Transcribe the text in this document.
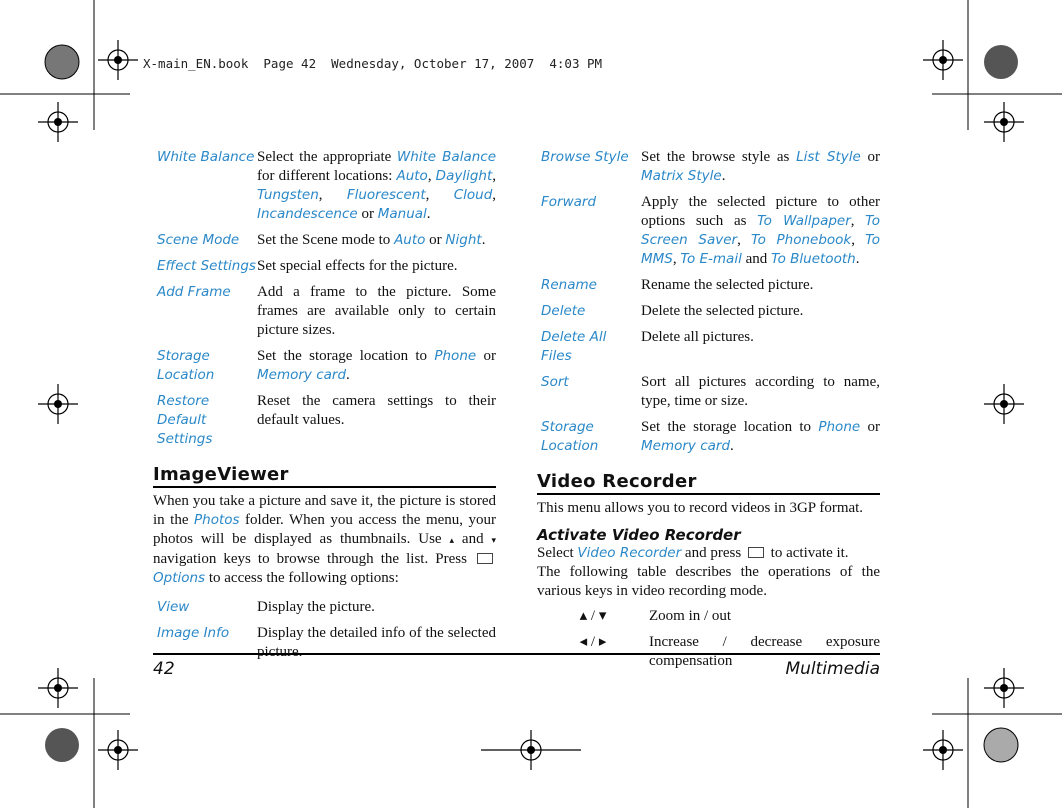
X-main_EN.book  Page 42  Wednesday, October 17, 2007  4:03 PM
White Balance	Select the appropriate White Balance for different locations: Auto, Daylight, Tungsten, Fluorescent, Cloud, Incandescence or Manual.
Scene Mode	Set the Scene mode to Auto or Night.
Effect Settings	Set special effects for the picture.
Add Frame	Add a frame to the picture. Some frames are available only to certain picture sizes.
Storage Location	Set the storage location to Phone or Memory card.
Restore Default Settings	Reset the camera settings to their default values.
ImageViewer

When you take a picture and save it, the picture is stored in the Photos folder. When you access the menu, your photos will be displayed as thumbnails. Use ▴ and ▾ navigation keys to browse through the list. Press Options to access the following options:

View	Display the picture.
Image Info	Display the detailed info of the selected picture.
Browse Style	Set the browse style as List Style or Matrix Style.
Forward	Apply the selected picture to other options such as To Wallpaper, To Screen Saver, To Phonebook, To MMS, To E-mail and To Bluetooth.
Rename	Rename the selected picture.
Delete	Delete the selected picture.
Delete All Files	Delete all pictures.
Sort	Sort all pictures according to name, type, time or size.
Storage Location	Set the storage location to Phone or Memory card.
Video Recorder

This menu allows you to record videos in 3GP format.

Activate Video Recorder

Select Video Recorder and press to activate it.

The following table describes the operations of the various keys in video recording mode.

▴ / ▾	Zoom in / out
◂ / ▸	Increase / decrease exposure compensation
42	Multimedia
